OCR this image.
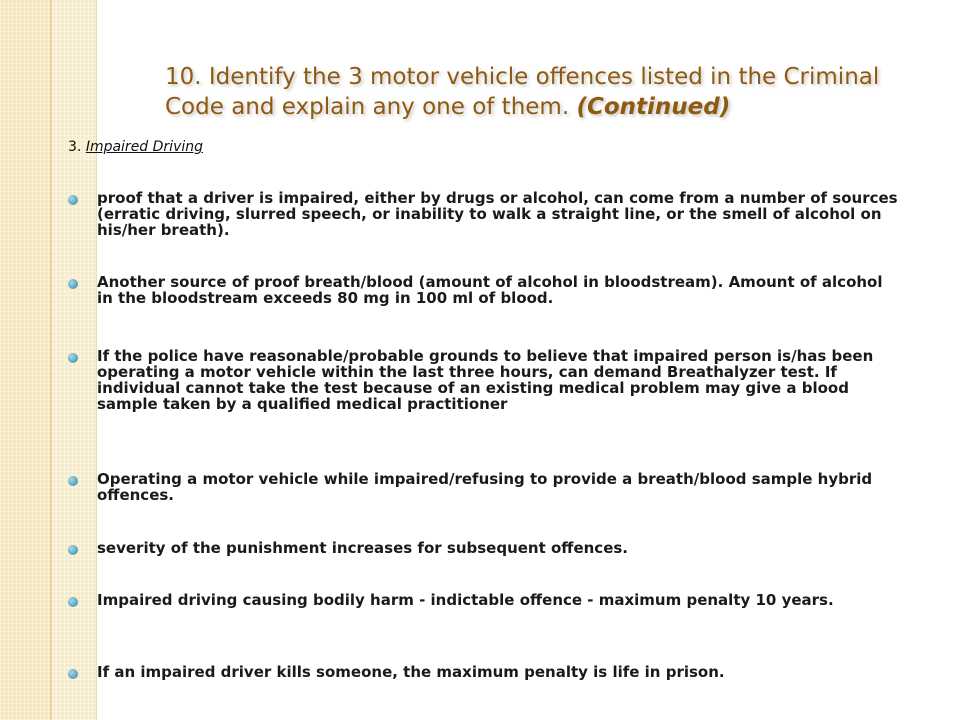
10. Identify the 3 motor vehicle offences listed in the Criminal Code and explain any one of them. (Continued)
3. Impaired Driving
proof that a driver is impaired, either by drugs or alcohol, can come from a number of sources (erratic driving, slurred speech, or inability to walk a straight line, or the smell of alcohol on his/her breath).
Another source of proof breath/blood (amount of alcohol in bloodstream). Amount of alcohol in the bloodstream exceeds 80 mg in 100 ml of blood.
If the police have reasonable/probable grounds to believe that impaired person is/has been operating a motor vehicle within the last three hours, can demand Breathalyzer test. If individual cannot take the test because of an existing medical problem may give a blood sample taken by a qualified medical practitioner
Operating a motor vehicle while impaired/refusing to provide a breath/blood sample hybrid offences.
severity of the punishment increases for subsequent offences.
Impaired driving causing bodily harm - indictable offence - maximum penalty 10 years.
If an impaired driver kills someone, the maximum penalty is life in prison.
